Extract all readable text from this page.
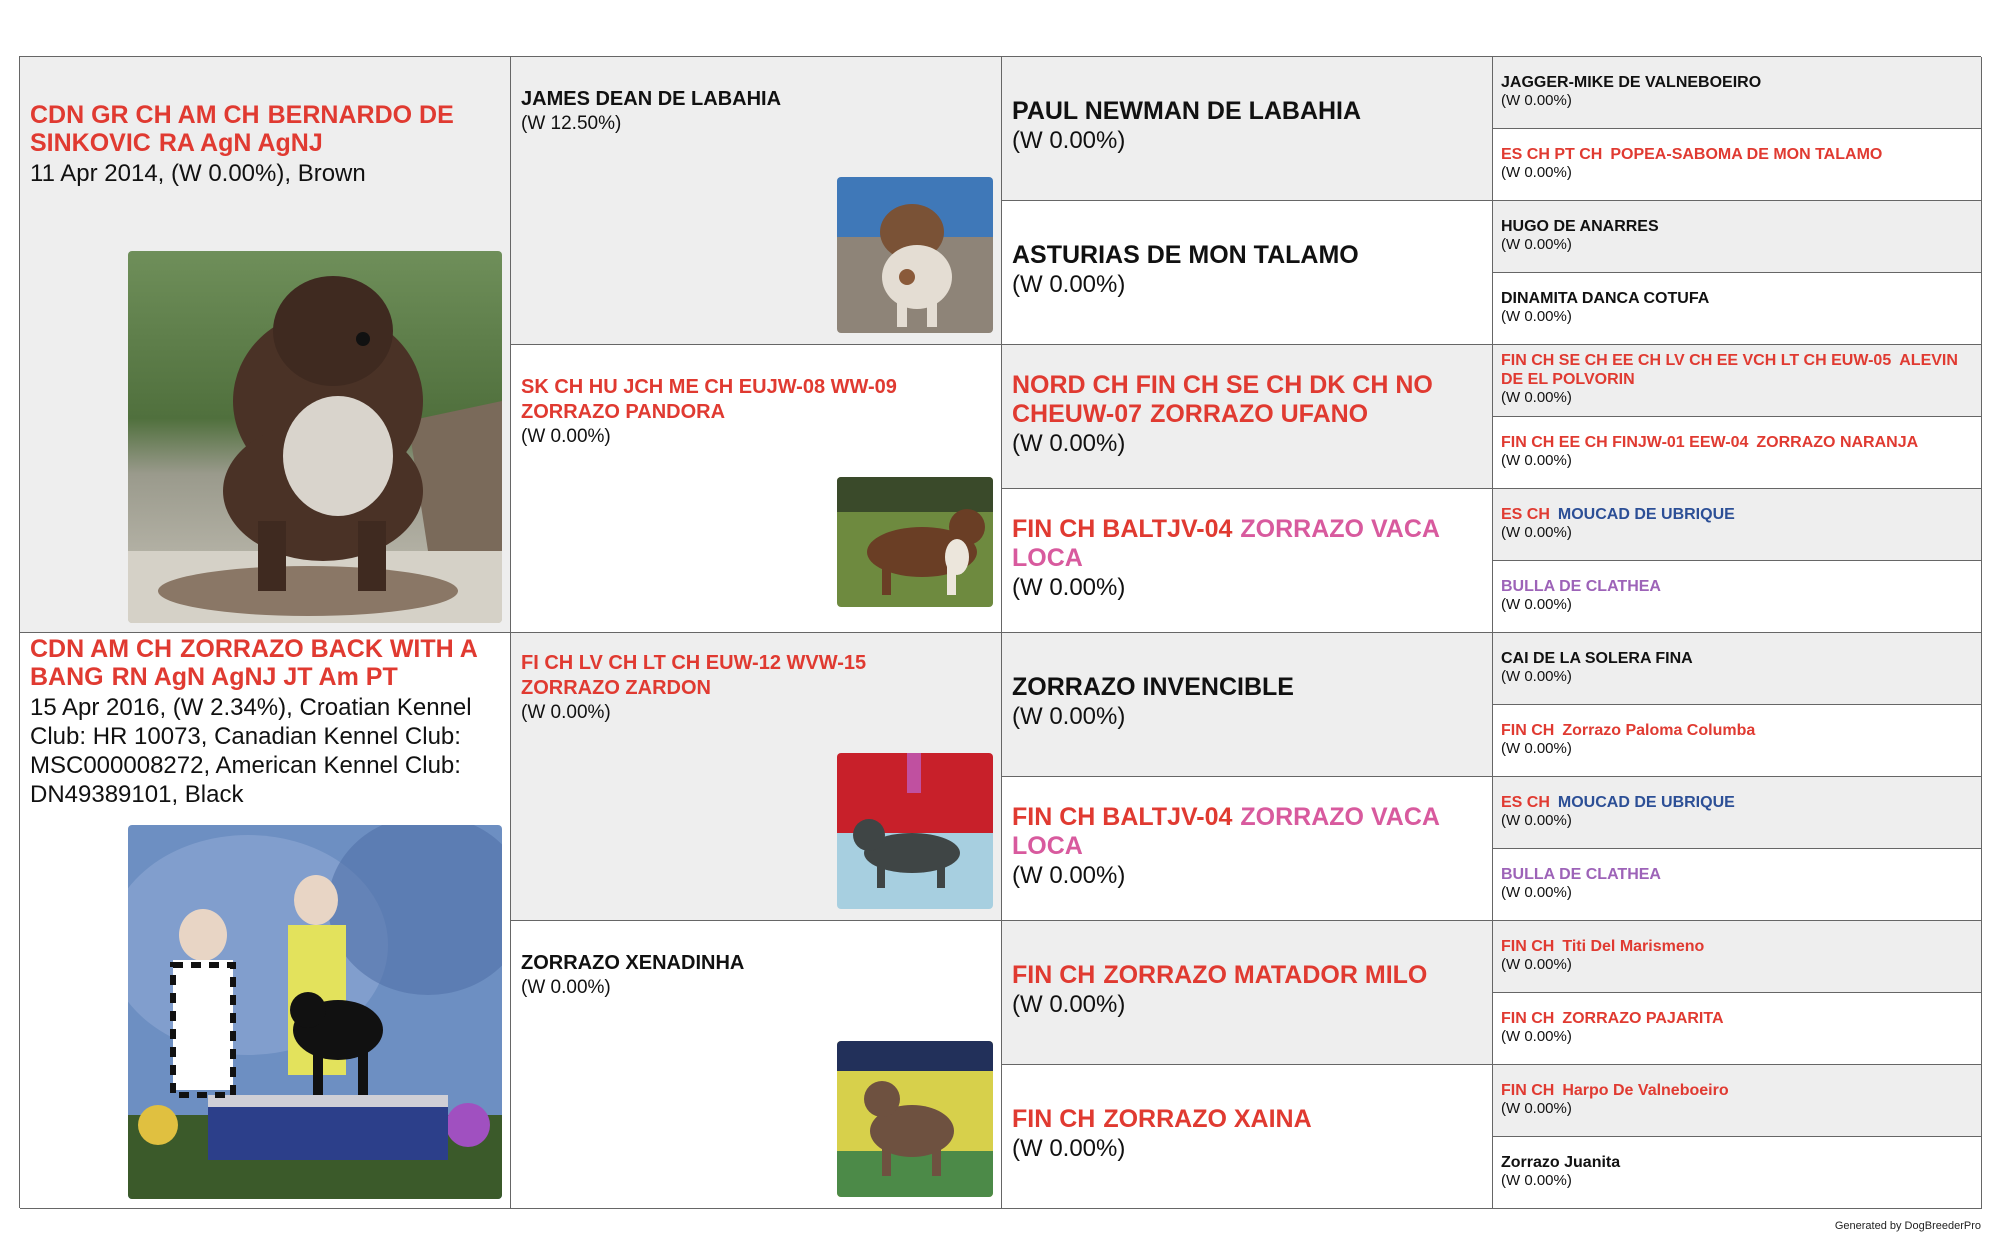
CDN GR CH AM CH BERNARDO DE SINKOVIC RA AgN AgNJ
11 Apr 2014, (W 0.00%), Brown
CDN AM CH ZORRAZO BACK WITH A BANG RN AgN AgNJ JT Am PT
15 Apr 2016, (W 2.34%), Croatian Kennel Club: HR 10073, Canadian Kennel Club: MSC000008272, American Kennel Club: DN49389101, Black
JAMES DEAN DE LABAHIA
(W 12.50%)
SK CH HU JCH ME CH EUJW-08 WW-09
ZORRAZO PANDORA
(W 0.00%)
FI CH LV CH LT CH EUW-12 WVW-15
ZORRAZO ZARDON
(W 0.00%)
ZORRAZO XENADINHA
(W 0.00%)
PAUL NEWMAN DE LABAHIA
(W 0.00%)
ASTURIAS DE MON TALAMO
(W 0.00%)
NORD CH FIN CH SE CH DK CH NO CHEUW-07 ZORRAZO UFANO
(W 0.00%)
FIN CH BALTJV-04 ZORRAZO VACA LOCA
(W 0.00%)
ZORRAZO INVENCIBLE
(W 0.00%)
FIN CH BALTJV-04 ZORRAZO VACA LOCA
(W 0.00%)
FIN CH ZORRAZO MATADOR MILO
(W 0.00%)
FIN CH ZORRAZO XAINA
(W 0.00%)
JAGGER-MIKE DE VALNEBOEIRO
(W 0.00%)
ES CH PT CH POPEA-SABOMA DE MON TALAMO
(W 0.00%)
HUGO DE ANARRES
(W 0.00%)
DINAMITA DANCA COTUFA
(W 0.00%)
FIN CH SE CH EE CH LV CH EE VCH LT CH EUW-05 ALEVIN DE EL POLVORIN
(W 0.00%)
FIN CH EE CH FINJW-01 EEW-04 ZORRAZO NARANJA
(W 0.00%)
ES CH MOUCAD DE UBRIQUE
(W 0.00%)
BULLA DE CLATHEA
(W 0.00%)
CAI DE LA SOLERA FINA
(W 0.00%)
FIN CH Zorrazo Paloma Columba
(W 0.00%)
ES CH MOUCAD DE UBRIQUE
(W 0.00%)
BULLA DE CLATHEA
(W 0.00%)
FIN CH Titi Del Marismeno
(W 0.00%)
FIN CH ZORRAZO PAJARITA
(W 0.00%)
FIN CH Harpo De Valneboeiro
(W 0.00%)
Zorrazo Juanita
(W 0.00%)
Generated by DogBreederPro
